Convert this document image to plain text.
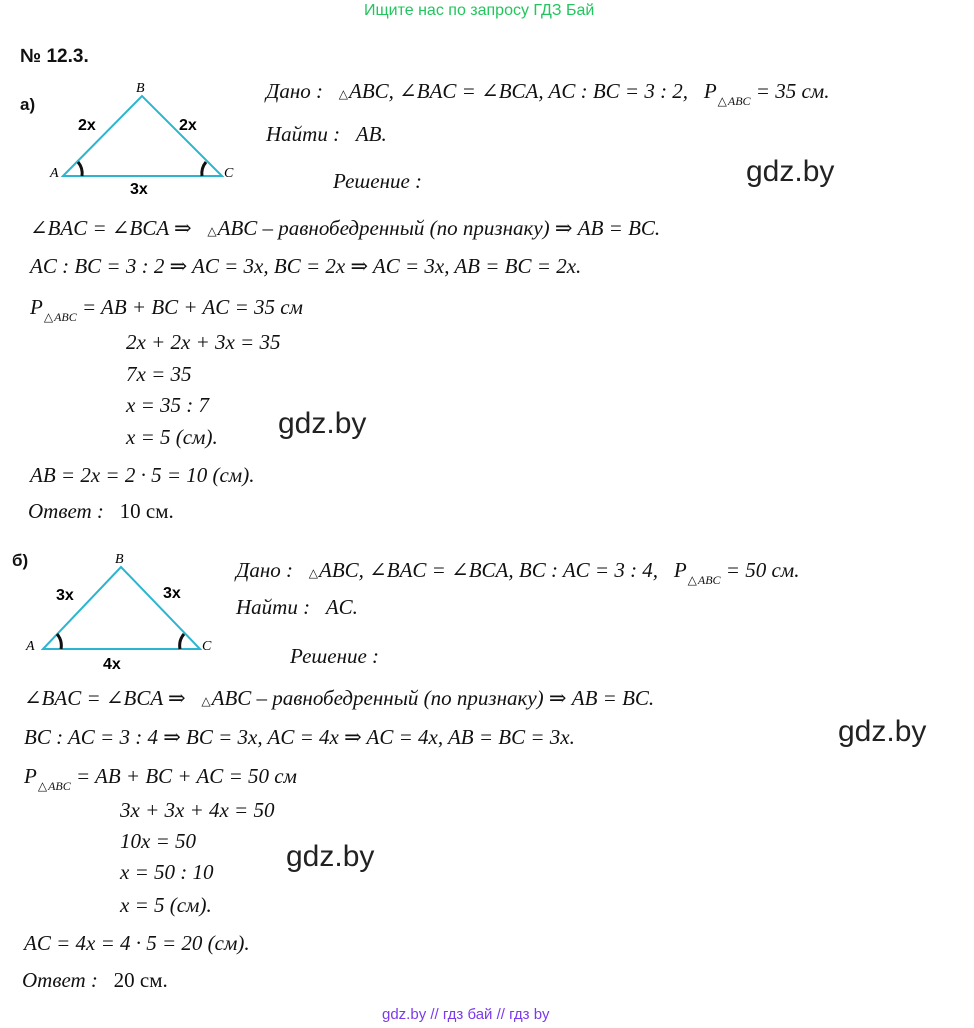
Ищите нас по запросу ГДЗ Бай
№ 12.3.
а)
A
B
C
2x	2x
3x
Дано : △ABC, ∠BAC = ∠BCA, AC : BC = 3 : 2, $P_{\triangle ABC} = 35$ см.
Найти : AB.
Решение :	gdz.by
∠BAC = ∠BCA ⇒   △ABC – равнобедренный (по признаку) ⇒ AB = BC.
AC : BC = 3 : 2 ⇒ AC = 3x, BC = 2x ⇒ AC = 3x, AB = BC = 2x.
$P_{\triangle ABC}$ = AB + BC + AC = 35 см
2x + 2x + 3x = 35
7x = 35
x = 35 : 7
x = 5 (см). gdz.by
AB = 2x = 2 · 5 = 10 (см).
Ответ : 10 см.
б)
A
B
C
3x	3x
4x
Дано : △ABC, ∠BAC = ∠BCA, BC : AC = 3 : 4, $P_{\triangle ABC} = 50$ см.
Найти : AC.
Решение :
∠BAC = ∠BCA ⇒   △ABC – равнобедренный (по признаку) ⇒ AB = BC.
BC : AC = 3 : 4 ⇒ BC = 3x, AC = 4x ⇒ AC = 4x, AB = BC = 3x.	gdz.by
$P_{\triangle ABC}$ = AB + BC + AC = 50 см
3x + 3x + 4x = 50
10x = 50
x = 50 : 10
x = 5 (см).
gdz.by
AC = 4x = 4 · 5 = 20 (см).
Ответ : 20 см.
gdz.by // гдз бай // гдз by
